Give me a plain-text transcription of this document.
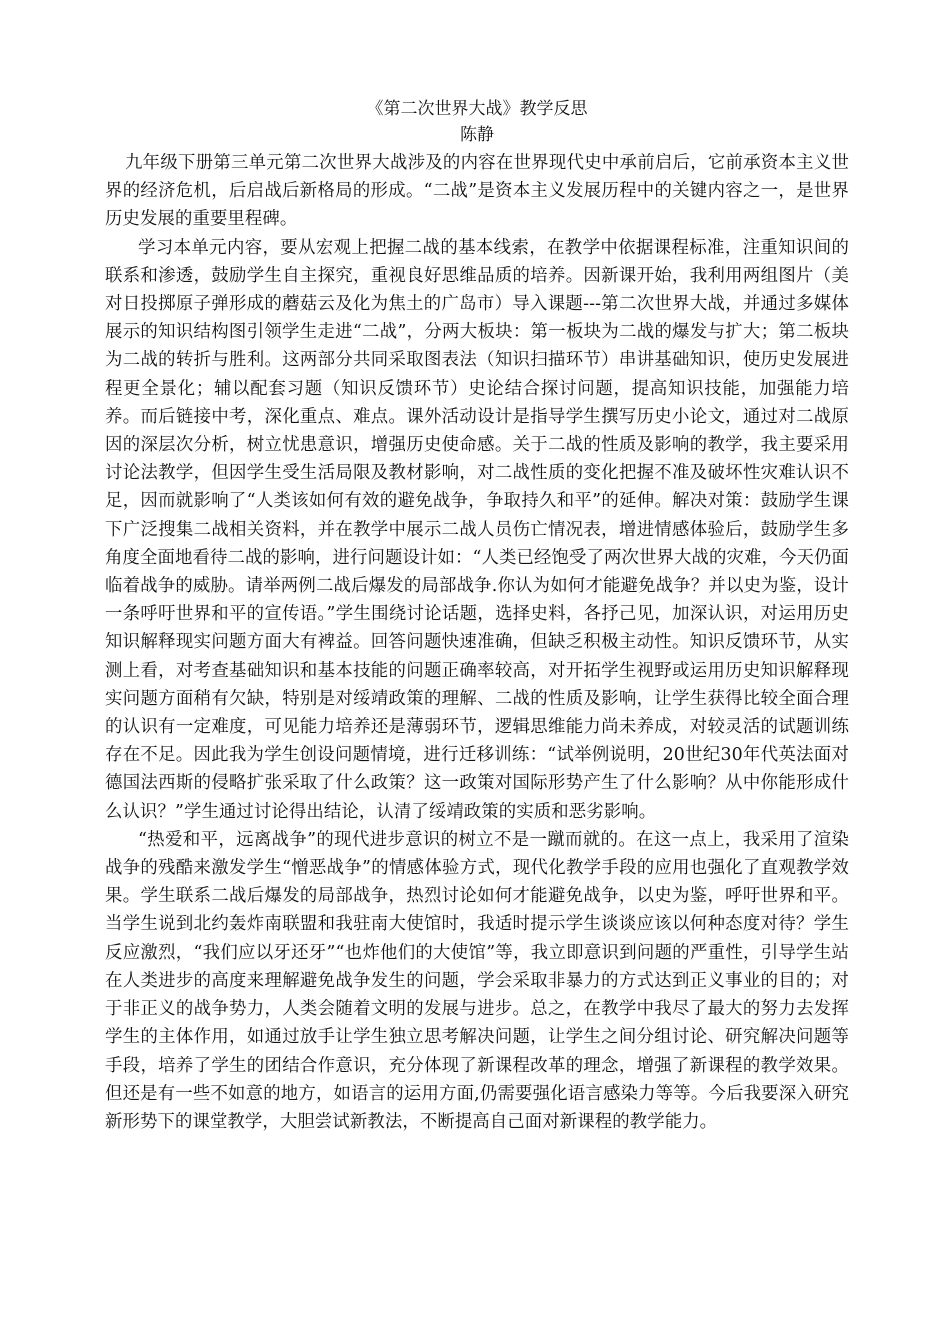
《第二次世界大战》教学反思
陈静

九年级下册第三单元第二次世界大战涉及的内容在世界现代史中承前启后，它前承资本主义世界的经济危机，后启战后新格局的形成。“二战”是资本主义发展历程中的关键内容之一，是世界历史发展的重要里程碑。

学习本单元内容，要从宏观上把握二战的基本线索，在教学中依据课程标准，注重知识间的联系和渗透，鼓励学生自主探究，重视良好思维品质的培养。因新课开始，我利用两组图片（美对日投掷原子弹形成的蘑菇云及化为焦土的广岛市）导入课题---第二次世界大战，并通过多媒体展示的知识结构图引领学生走进“二战”，分两大板块：第一板块为二战的爆发与扩大；第二板块为二战的转折与胜利。这两部分共同采取图表法（知识扫描环节）串讲基础知识，使历史发展进程更全景化；辅以配套习题（知识反馈环节）史论结合探讨问题，提高知识技能，加强能力培养。而后链接中考，深化重点、难点。课外活动设计是指导学生撰写历史小论文，通过对二战原因的深层次分析，树立忧患意识，增强历史使命感。关于二战的性质及影响的教学，我主要采用讨论法教学，但因学生受生活局限及教材影响，对二战性质的变化把握不准及破坏性灾难认识不足，因而就影响了“人类该如何有效的避免战争，争取持久和平”的延伸。解决对策：鼓励学生课下广泛搜集二战相关资料，并在教学中展示二战人员伤亡情况表，增进情感体验后，鼓励学生多角度全面地看待二战的影响，进行问题设计如：“人类已经饱受了两次世界大战的灾难，今天仍面临着战争的威胁。请举两例二战后爆发的局部战争.你认为如何才能避免战争？并以史为鉴，设计一条呼吁世界和平的宣传语。”学生围绕讨论话题，选择史料，各抒己见，加深认识，对运用历史知识解释现实问题方面大有裨益。回答问题快速准确，但缺乏积极主动性。知识反馈环节，从实测上看，对考查基础知识和基本技能的问题正确率较高，对开拓学生视野或运用历史知识解释现实问题方面稍有欠缺，特别是对绥靖政策的理解、二战的性质及影响，让学生获得比较全面合理的认识有一定难度，可见能力培养还是薄弱环节，逻辑思维能力尚未养成，对较灵活的试题训练存在不足。因此我为学生创设问题情境，进行迁移训练：“试举例说明，20世纪30年代英法面对德国法西斯的侵略扩张采取了什么政策？这一政策对国际形势产生了什么影响？从中你能形成什么认识？”学生通过讨论得出结论，认清了绥靖政策的实质和恶劣影响。

“热爱和平，远离战争”的现代进步意识的树立不是一蹴而就的。在这一点上，我采用了渲染战争的残酷来激发学生“憎恶战争”的情感体验方式，现代化教学手段的应用也强化了直观教学效果。学生联系二战后爆发的局部战争，热烈讨论如何才能避免战争，以史为鉴，呼吁世界和平。当学生说到北约轰炸南联盟和我驻南大使馆时，我适时提示学生谈谈应该以何种态度对待？学生反应激烈，“我们应以牙还牙”“也炸他们的大使馆”等，我立即意识到问题的严重性，引导学生站在人类进步的高度来理解避免战争发生的问题，学会采取非暴力的方式达到正义事业的目的；对于非正义的战争势力，人类会随着文明的发展与进步。总之，在教学中我尽了最大的努力去发挥学生的主体作用，如通过放手让学生独立思考解决问题，让学生之间分组讨论、研究解决问题等手段，培养了学生的团结合作意识，充分体现了新课程改革的理念，增强了新课程的教学效果。但还是有一些不如意的地方，如语言的运用方面,仍需要强化语言感染力等等。今后我要深入研究新形势下的课堂教学，大胆尝试新教法，不断提高自己面对新课程的教学能力。
